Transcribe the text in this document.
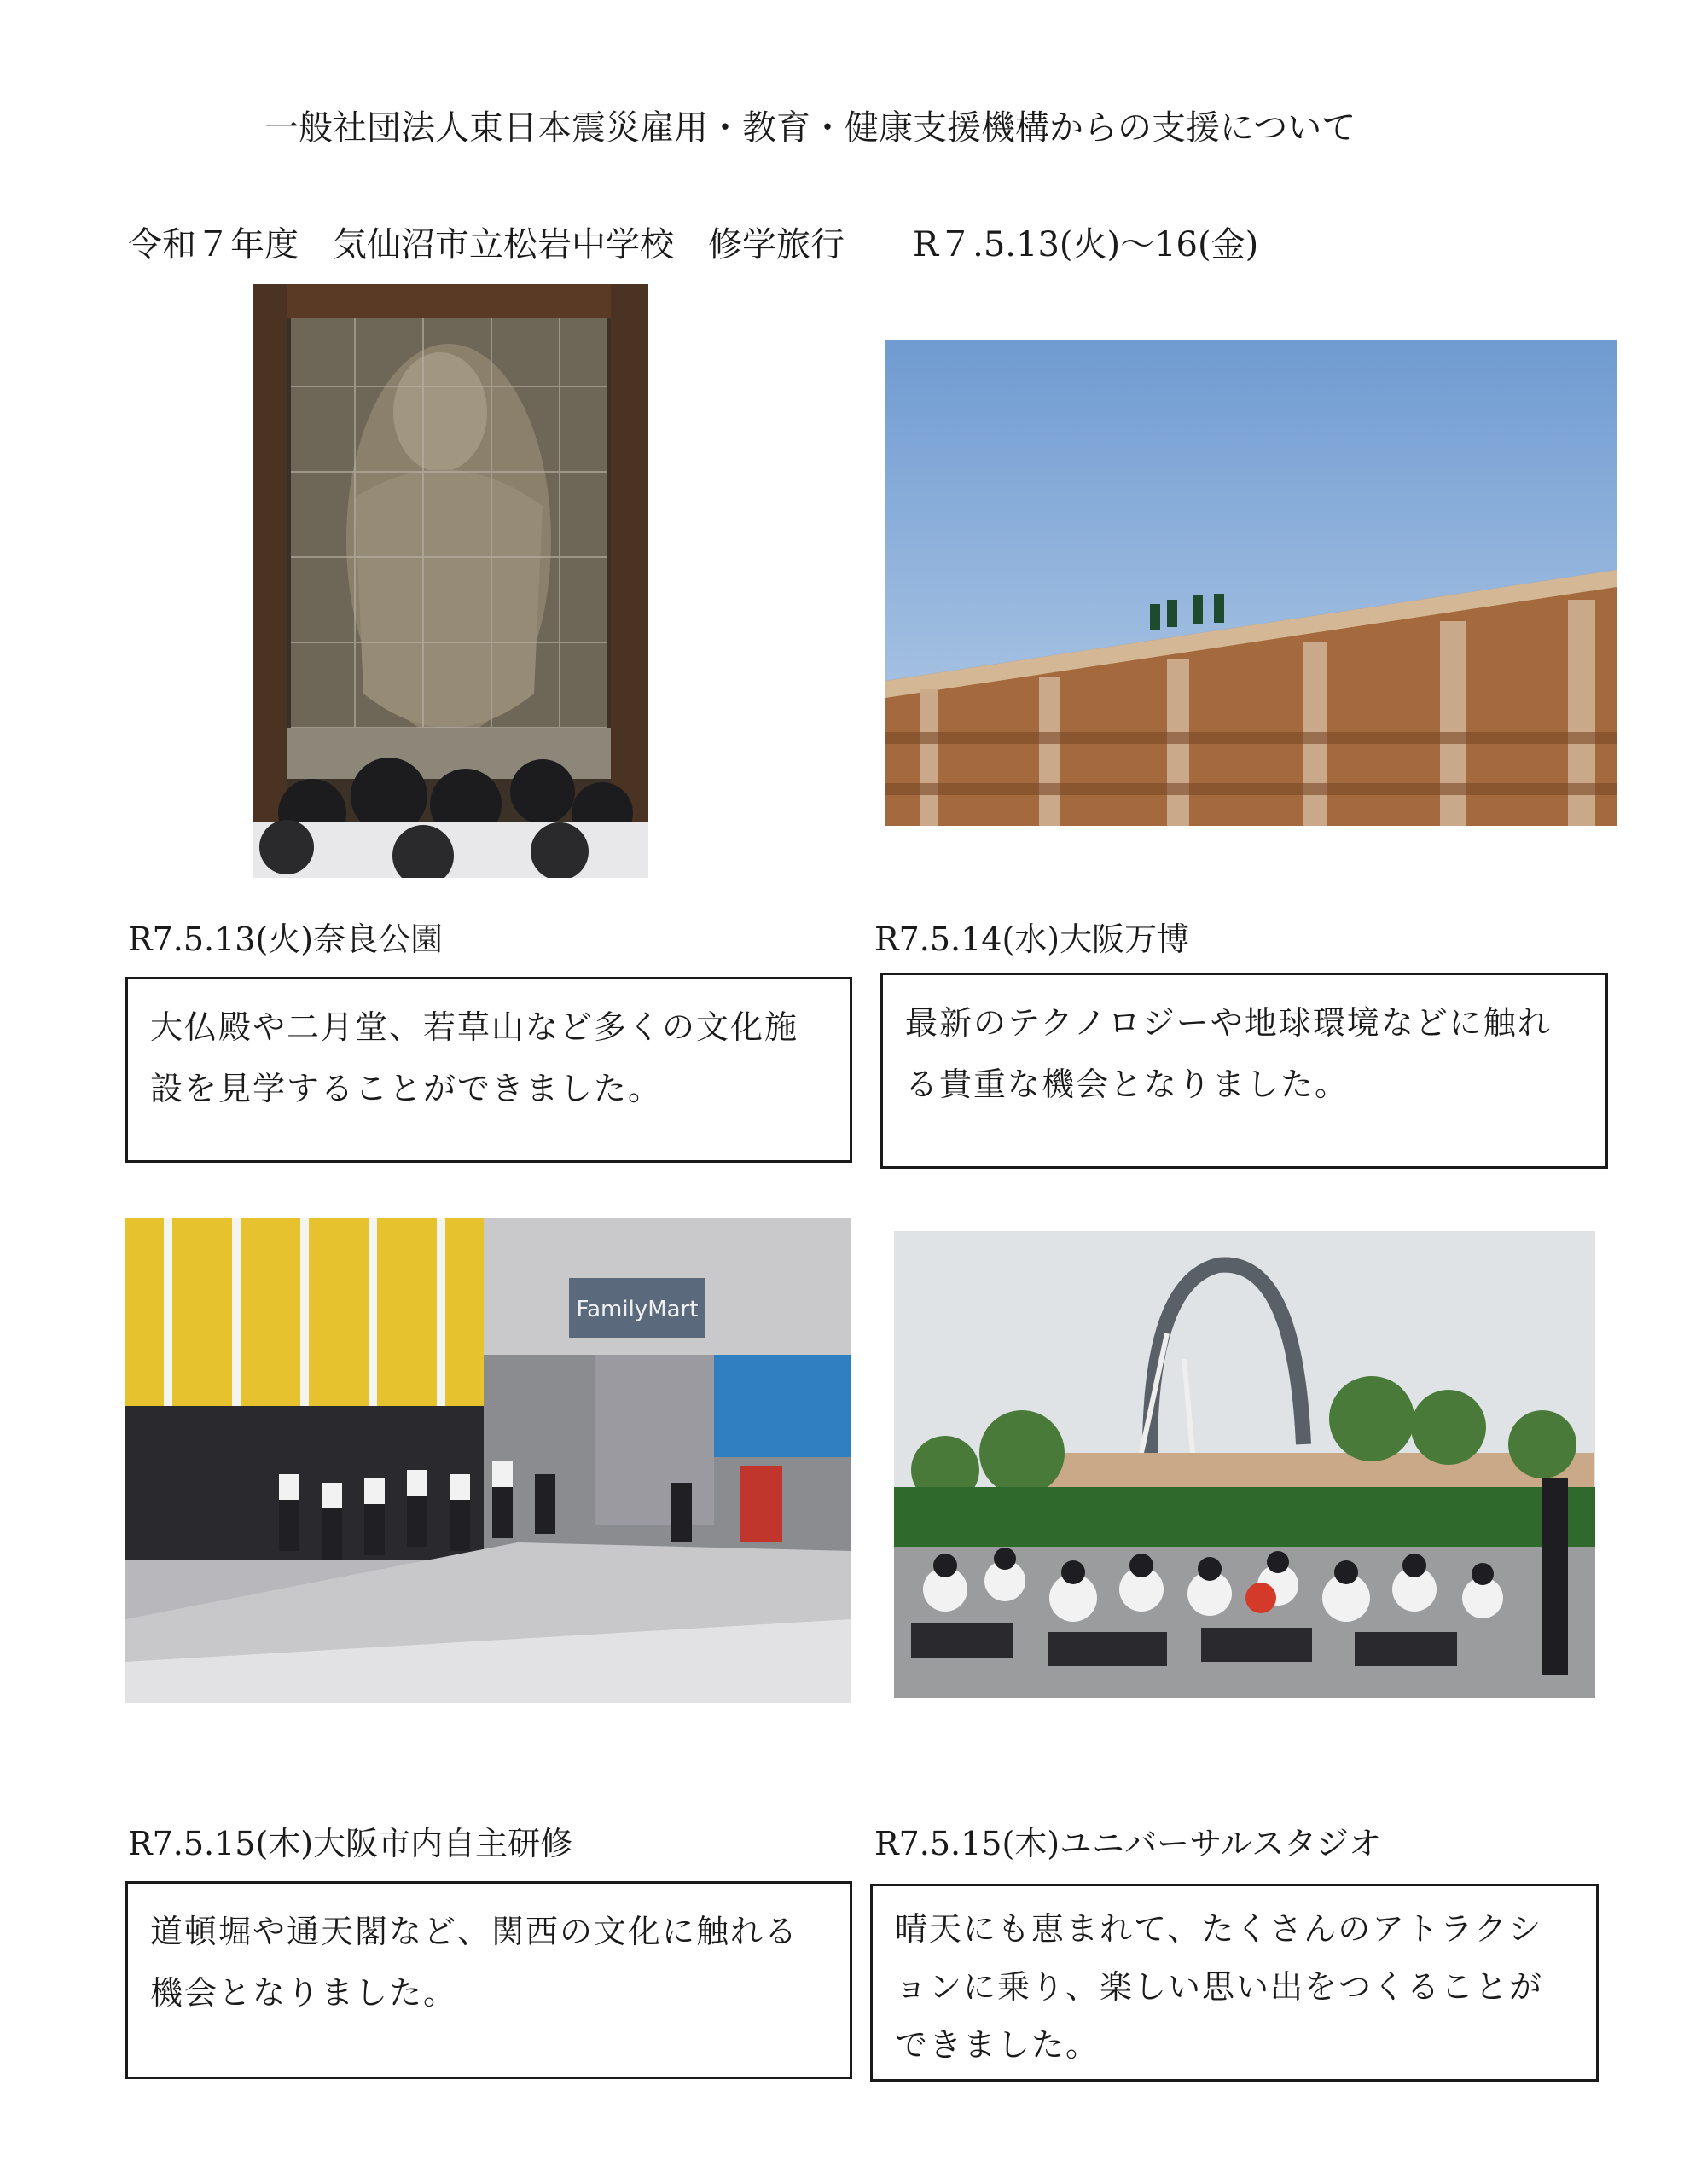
一般社団法人東日本震災雇用・教育・健康支援機構からの支援について
令和７年度　気仙沼市立松岩中学校　修学旅行 R７.5.13(火)～16(金)
R7.5.13(火)奈良公園	R7.5.14(水)大阪万博
大仏殿や二月堂、若草山など多くの文化施設を見学することができました。
最新のテクノロジーや地球環境などに触れる貴重な機会となりました。
FamilyMart
R7.5.15(木)大阪市内自主研修	R7.5.15(木)ユニバーサルスタジオ
道頓堀や通天閣など、関西の文化に触れる機会となりました。
晴天にも恵まれて、たくさんのアトラクションに乗り、楽しい思い出をつくることができました。
